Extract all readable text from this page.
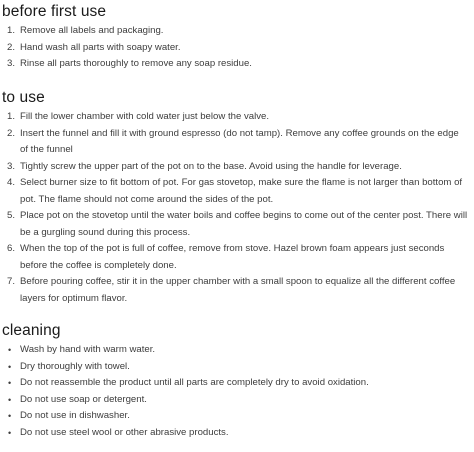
before first use
1. Remove all labels and packaging.
2. Hand wash all parts with soapy water.
3. Rinse all parts thoroughly to remove any soap residue.
to use
1. Fill the lower chamber with cold water just below the valve.
2. Insert the funnel and fill it with ground espresso (do not tamp). Remove any coffee grounds on the edge of the funnel
3. Tightly screw the upper part of the pot on to the base. Avoid using the handle for leverage.
4. Select burner size to fit bottom of pot. For gas stovetop, make sure the flame is not larger than bottom of pot. The flame should not come around the sides of the pot.
5. Place pot on the stovetop until the water boils and coffee begins to come out of the center post. There will be a gurgling sound during this process.
6. When the top of the pot is full of coffee, remove from stove. Hazel brown foam appears just seconds before the coffee is completely done.
7. Before pouring coffee, stir it in the upper chamber with a small spoon to equalize all the different coffee layers for optimum flavor.
cleaning
• Wash by hand with warm water.
• Dry thoroughly with towel.
• Do not reassemble the product until all parts are completely dry to avoid oxidation.
• Do not use soap or detergent.
• Do not use in dishwasher.
• Do not use steel wool or other abrasive products.
